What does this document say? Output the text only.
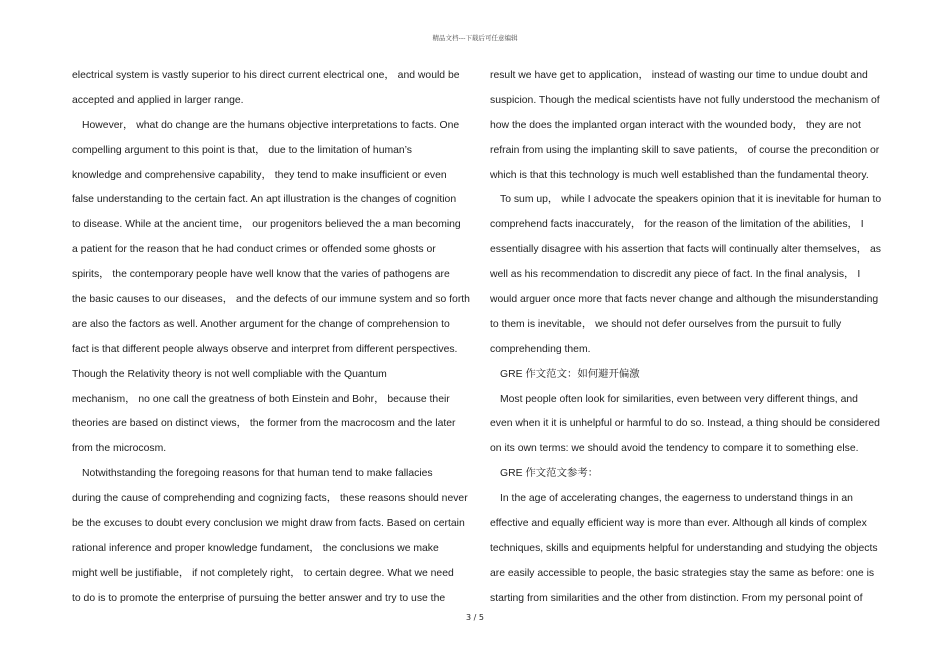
精品文档---下载后可任意编辑
electrical system is vastly superior to his direct current electrical one， and would be
accepted and applied in larger range.
However， what do change are the humans objective interpretations to facts. One
compelling argument to this point is that， due to the limitation of human’s
knowledge and comprehensive capability， they tend to make insufficient or even
false understanding to the certain fact. An apt illustration is the changes of cognition
to disease. While at the ancient time， our progenitors believed the a man becoming
a patient for the reason that he had conduct crimes or offended some ghosts or
spirits， the contemporary people have well know that the varies of pathogens are
the basic causes to our diseases， and the defects of our immune system and so forth
are also the factors as well. Another argument for the change of comprehension to
fact is that different people always observe and interpret from different perspectives.
Though the Relativity theory is not well compliable with the Quantum
mechanism， no one call the greatness of both Einstein and Bohr， because their
theories are based on distinct views， the former from the macrocosm and the later
from the microcosm.
Notwithstanding the foregoing reasons for that human tend to make fallacies
during the cause of comprehending and cognizing facts， these reasons should never
be the excuses to doubt every conclusion we might draw from facts. Based on certain
rational inference and proper knowledge fundament， the conclusions we make
might well be justifiable， if not completely right， to certain degree. What we need
to do is to promote the enterprise of pursuing the better answer and try to use the
result we have get to application， instead of wasting our time to undue doubt and
suspicion. Though the medical scientists have not fully understood the mechanism of
how the does the implanted organ interact with the wounded body， they are not
refrain from using the implanting skill to save patients， of course the precondition or
which is that this technology is much well established than the fundamental theory.
To sum up， while I advocate the speakers opinion that it is inevitable for human to
comprehend facts inaccurately， for the reason of the limitation of the abilities， I
essentially disagree with his assertion that facts will continually alter themselves， as
well as his recommendation to discredit any piece of fact. In the final analysis， I
would arguer once more that facts never change and although the misunderstanding
to them is inevitable， we should not defer ourselves from the pursuit to fully
comprehending them.
GRE 作文范文：如何避开偏激
Most people often look for similarities, even between very different things, and
even when it it is unhelpful or harmful to do so. Instead, a thing should be considered
on its own terms: we should avoid the tendency to compare it to something else.
GRE 作文范文参考：
In the age of accelerating changes, the eagerness to understand things in an
effective and equally efficient way is more than ever. Although all kinds of complex
techniques, skills and equipments helpful for understanding and studying the objects
are easily accessible to people, the basic strategies stay the same as before: one is
starting from similarities and the other from distinction. From my personal point of
3 / 5
